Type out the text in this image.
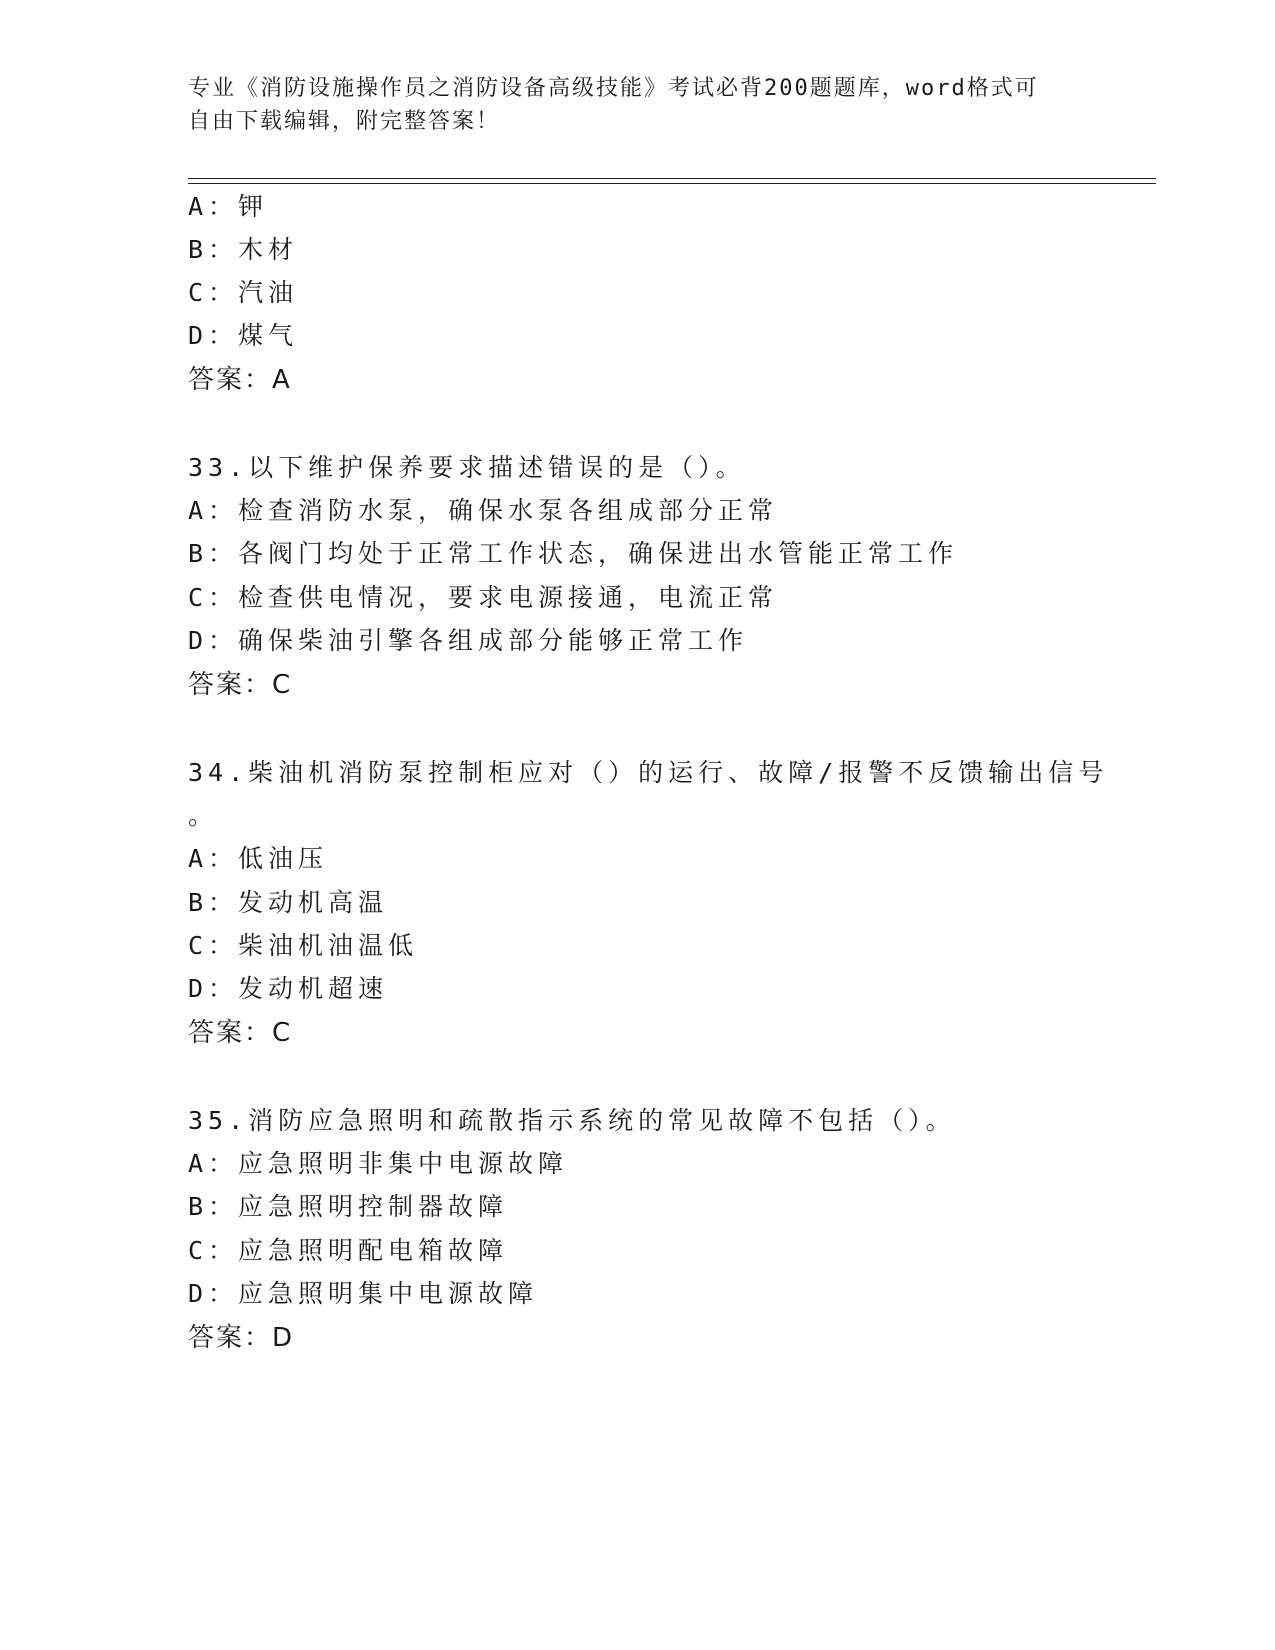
专业《消防设施操作员之消防设备高级技能》考试必背200题题库，word格式可
自由下载编辑，附完整答案！
A：钾
B：木材
C：汽油
D：煤气
答案：A
33.以下维护保养要求描述错误的是（）。
A：检查消防水泵，确保水泵各组成部分正常
B：各阀门均处于正常工作状态，确保进出水管能正常工作
C：检查供电情况，要求电源接通，电流正常
D：确保柴油引擎各组成部分能够正常工作
答案：C
34.柴油机消防泵控制柜应对（）的运行、故障/报警不反馈输出信号
。
A：低油压
B：发动机高温
C：柴油机油温低
D：发动机超速
答案：C
35.消防应急照明和疏散指示系统的常见故障不包括（）。
A：应急照明非集中电源故障
B：应急照明控制器故障
C：应急照明配电箱故障
D：应急照明集中电源故障
答案：D
